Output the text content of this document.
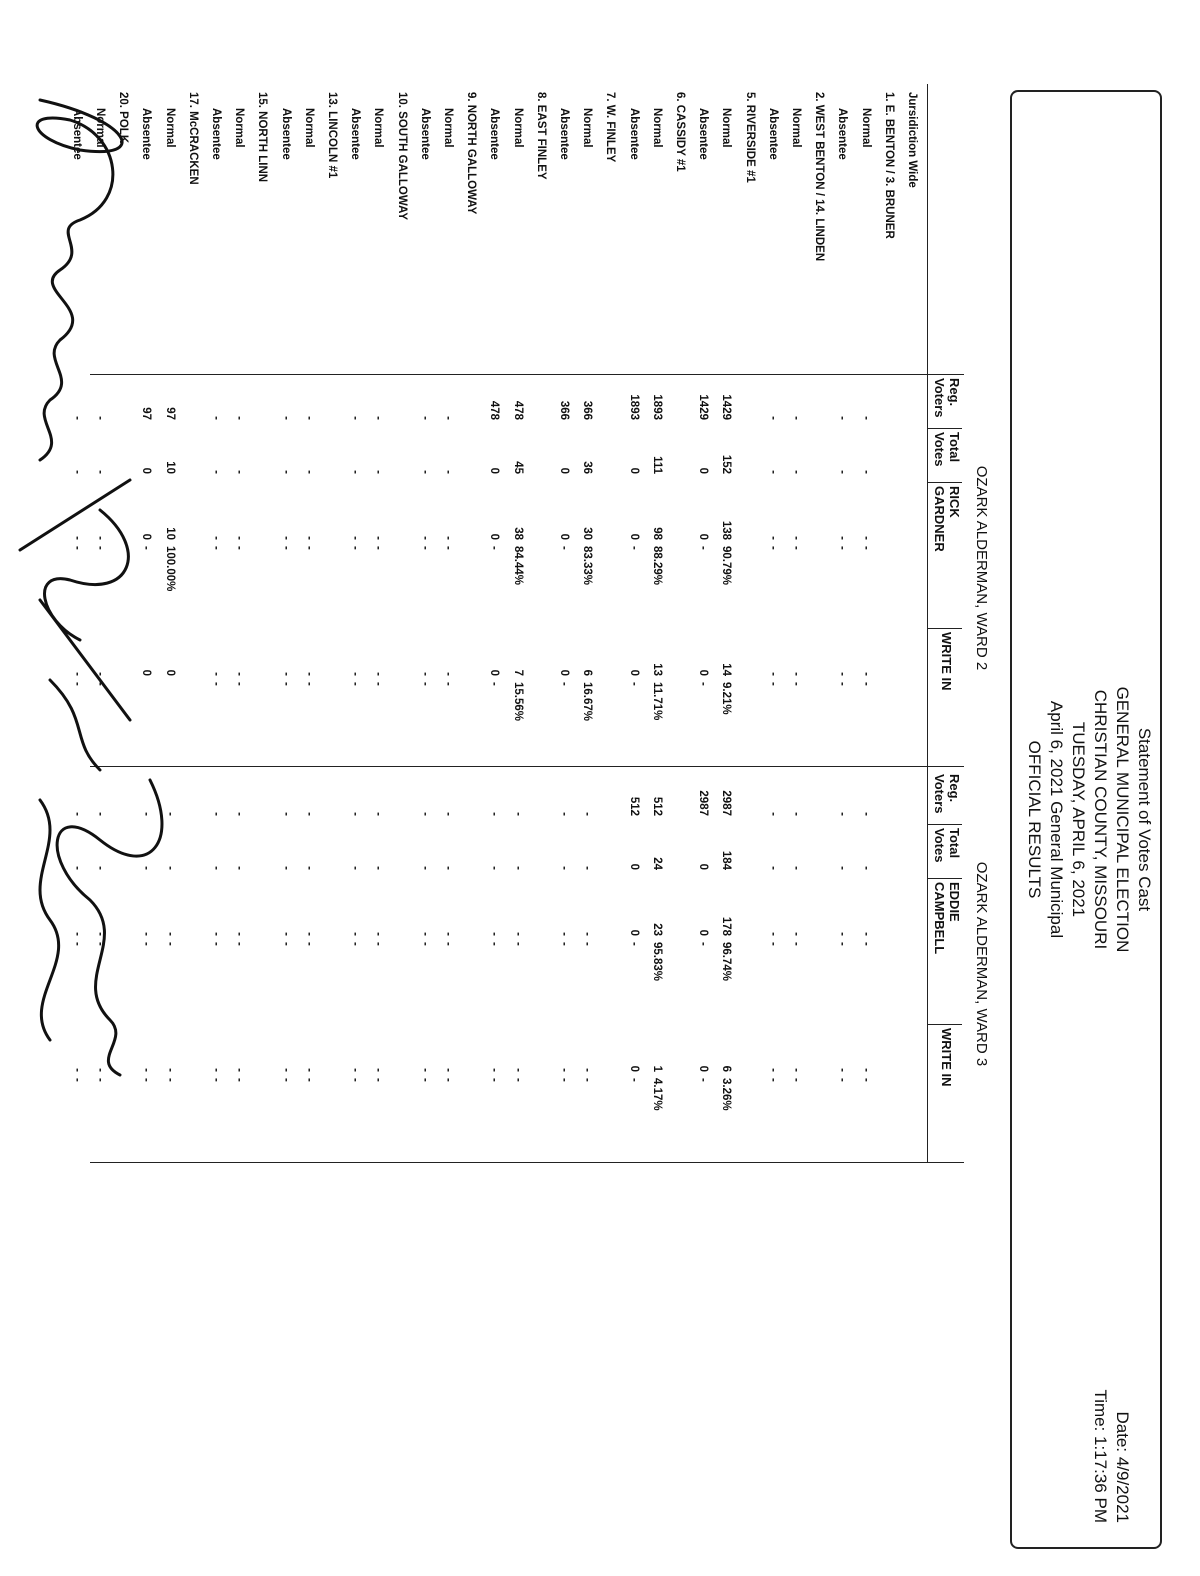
Statement of Votes Cast
GENERAL MUNICIPAL ELECTION
CHRISTIAN COUNTY, MISSOURI
TUESDAY, APRIL 6, 2021
April 6, 2021 General Municipal
OFFICIAL RESULTS
Date: 4/9/2021
Time: 1:17:36 PM
OZARK ALDERMAN, WARD 2
OZARK ALDERMAN, WARD 3
Reg.
Voters
Total
Votes
RICK
GARDNER
WRITE IN
Reg.
Voters
Total
Votes
EDDIE
CAMPBELL
WRITE IN
Jursidiction Wide
1. E. BENTON / 3. BRUNER
Normal
-
-
-
-
-
-
-
-
-
-
-
-
Absentee
-
-
-
-
-
-
-
-
-
-
-
-
2. WEST BENTON / 14. LINDEN
Normal
-
-
-
-
-
-
-
-
-
-
-
-
Absentee
-
-
-
-
-
-
-
-
-
-
-
-
5. RIVERSIDE #1
Normal
1429
152
138
90.79%
14
9.21%
2987
184
178
96.74%
6
3.26%
Absentee
1429
0
0
-
0
-
2987
0
0
-
0
-
6. CASSIDY #1
Normal
1893
111
98
88.29%
13
11.71%
512
24
23
95.83%
1
4.17%
Absentee
1893
0
0
-
0
-
512
0
0
-
0
-
7. W. FINLEY
Normal
366
36
30
83.33%
6
16.67%
-
-
-
-
-
-
Absentee
366
0
0
-
0
-
-
-
-
-
-
-
8. EAST FINLEY
Normal
478
45
38
84.44%
7
15.56%
-
-
-
-
-
-
Absentee
478
0
0
-
0
-
-
-
-
-
-
-
9. NORTH GALLOWAY
Normal
-
-
-
-
-
-
-
-
-
-
-
-
Absentee
-
-
-
-
-
-
-
-
-
-
-
-
10. SOUTH GALLOWAY
Normal
-
-
-
-
-
-
-
-
-
-
-
-
Absentee
-
-
-
-
-
-
-
-
-
-
-
-
13. LINCOLN #1
Normal
-
-
-
-
-
-
-
-
-
-
-
-
Absentee
-
-
-
-
-
-
-
-
-
-
-
-
15. NORTH LINN
Normal
-
-
-
-
-
-
-
-
-
-
-
-
Absentee
-
-
-
-
-
-
-
-
-
-
-
-
17. McCRACKEN
Normal
97
10
10
100.00%
0
-
-
-
-
-
-
Absentee
97
0
0
-
0
-
-
-
-
-
-
20. POLK
Normal
-
-
-
-
-
-
-
-
-
-
-
-
Absentee
-
-
-
-
-
-
-
-
-
-
-
-
